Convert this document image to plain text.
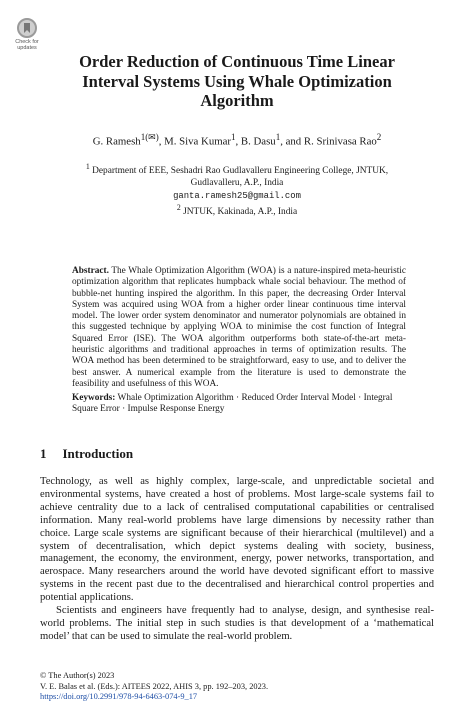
Check for
updates
Order Reduction of Continuous Time Linear
Interval Systems Using Whale Optimization
Algorithm
G. Ramesh$^{1(✉)}$, M. Siva Kumar$^1$, B. Dasu$^1$, and R. Srinivasa Rao$^2$
$^1$ Department of EEE, Seshadri Rao Gudlavalleru Engineering College, JNTUK,
Gudlavalleru, A.P., India
ganta.ramesh25@gmail.com
$^2$ JNTUK, Kakinada, A.P., India
Abstract. The Whale Optimization Algorithm (WOA) is a nature-inspired meta-heuristic optimization algorithm that replicates humpback whale social behaviour. The method of bubble-net hunting inspired the algorithm. In this paper, the decreasing Order Interval System was acquired using WOA from a higher order linear continuous time interval model. The lower order system denominator and numerator polynomials are obtained in this suggested technique by applying WOA to minimise the cost function of Integral Squared Error (ISE). The WOA algorithm outperforms both state-of-the-art meta-heuristic algorithms and traditional approaches in terms of optimization results. The WOA method has been determined to be straightforward, easy to use, and to deliver the best answer. A numerical example from the literature is used to demonstrate the feasibility and usefulness of this WOA.
Keywords: Whale Optimization Algorithm · Reduced Order Interval Model · Integral Square Error · Impulse Response Energy
1 Introduction

Technology, as well as highly complex, large-scale, and unpredictable societal and environmental systems, have created a host of problems. Most large-scale systems fail to achieve centrality due to a lack of centralised computational capabilities or centralised information. Many real-world problems have large dimensions by necessity rather than choice. Large scale systems are significant because of their hierarchical (multilevel) and a system of decentralisation, which depict systems dealing with society, business, management, the economy, the environment, energy, power networks, transportation, and aerospace. Many researchers around the world have devoted significant effort to massive systems in the recent past due to the decentralised and hierarchical control properties and potential applications.

Scientists and engineers have frequently had to analyse, design, and synthesise real-world problems. The initial step in such studies is that development of a ‘mathematical model’ that can be used to simulate the real-world problem.

© The Author(s) 2023
V. E. Balas et al. (Eds.): AITEES 2022, AHIS 3, pp. 192–203, 2023.
https://doi.org/10.2991/978-94-6463-074-9_17
